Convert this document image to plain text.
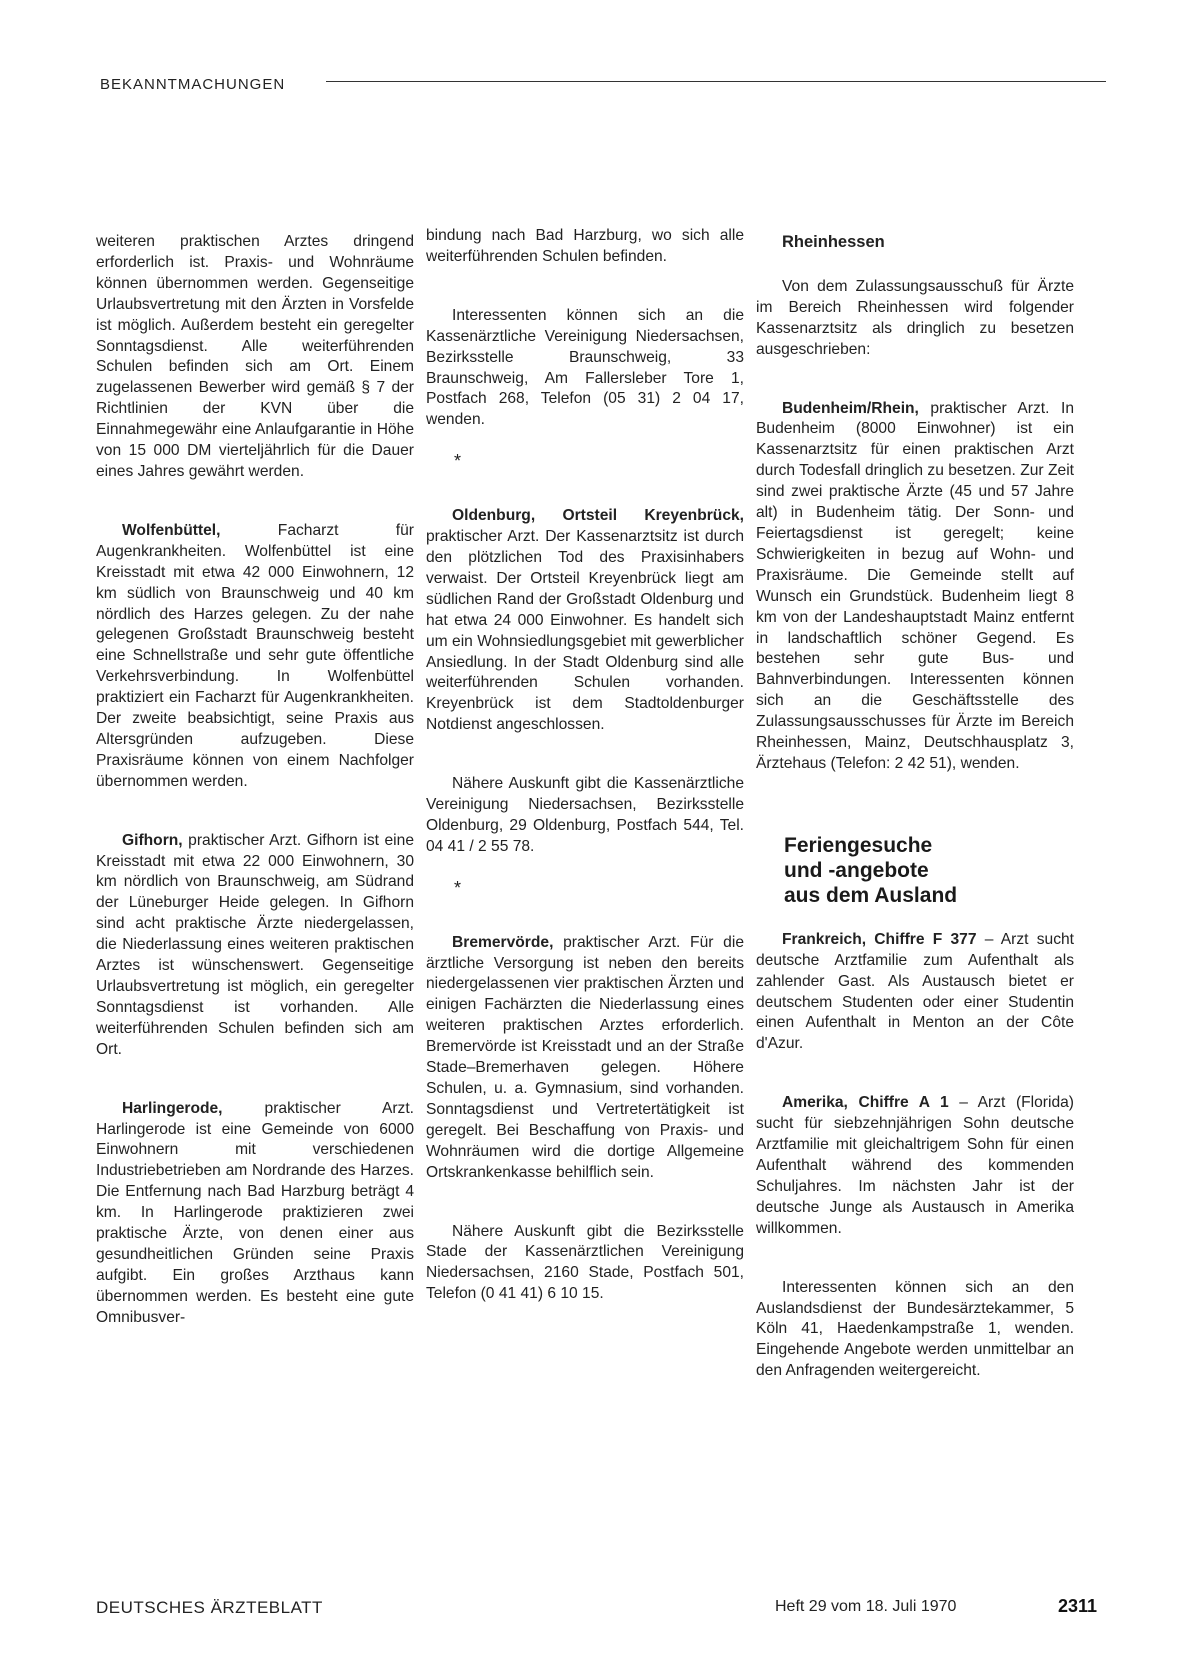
BEKANNTMACHUNGEN

weiteren praktischen Arztes dringend erforderlich ist. Praxis- und Wohnräume können übernommen werden. Gegenseitige Urlaubsvertretung mit den Ärzten in Vorsfelde ist möglich. Außerdem besteht ein geregelter Sonntagsdienst. Alle weiterführenden Schulen befinden sich am Ort. Einem zugelassenen Bewerber wird gemäß § 7 der Richtlinien der KVN über die Einnahmegewähr eine Anlaufgarantie in Höhe von 15 000 DM vierteljährlich für die Dauer eines Jahres gewährt werden.

Wolfenbüttel, Facharzt für Augenkrankheiten. Wolfenbüttel ist eine Kreisstadt mit etwa 42 000 Einwohnern, 12 km südlich von Braunschweig und 40 km nördlich des Harzes gelegen. Zu der nahe gelegenen Großstadt Braunschweig besteht eine Schnellstraße und sehr gute öffentliche Verkehrsverbindung. In Wolfenbüttel praktiziert ein Facharzt für Augenkrankheiten. Der zweite beabsichtigt, seine Praxis aus Altersgründen aufzugeben. Diese Praxisräume können von einem Nachfolger übernommen werden.

Gifhorn, praktischer Arzt. Gifhorn ist eine Kreisstadt mit etwa 22 000 Einwohnern, 30 km nördlich von Braunschweig, am Südrand der Lüneburger Heide gelegen. In Gifhorn sind acht praktische Ärzte niedergelassen, die Niederlassung eines weiteren praktischen Arztes ist wünschenswert. Gegenseitige Urlaubsvertretung ist möglich, ein geregelter Sonntagsdienst ist vorhanden. Alle weiterführenden Schulen befinden sich am Ort.

Harlingerode, praktischer Arzt. Harlingerode ist eine Gemeinde von 6000 Einwohnern mit verschiedenen Industriebetrieben am Nordrande des Harzes. Die Entfernung nach Bad Harzburg beträgt 4 km. In Harlingerode praktizieren zwei praktische Ärzte, von denen einer aus gesundheitlichen Gründen seine Praxis aufgibt. Ein großes Arzthaus kann übernommen werden. Es besteht eine gute Omnibusver-

bindung nach Bad Harzburg, wo sich alle weiterführenden Schulen befinden.

Interessenten können sich an die Kassenärztliche Vereinigung Niedersachsen, Bezirksstelle Braunschweig, 33 Braunschweig, Am Fallersleber Tore 1, Postfach 268, Telefon (05 31) 2 04 17, wenden.

*

Oldenburg, Ortsteil Kreyenbrück, praktischer Arzt. Der Kassenarztsitz ist durch den plötzlichen Tod des Praxisinhabers verwaist. Der Ortsteil Kreyenbrück liegt am südlichen Rand der Großstadt Oldenburg und hat etwa 24 000 Einwohner. Es handelt sich um ein Wohnsiedlungsgebiet mit gewerblicher Ansiedlung. In der Stadt Oldenburg sind alle weiterführenden Schulen vorhanden. Kreyenbrück ist dem Stadtoldenburger Notdienst angeschlossen.

Nähere Auskunft gibt die Kassenärztliche Vereinigung Niedersachsen, Bezirksstelle Oldenburg, 29 Oldenburg, Postfach 544, Tel. 04 41 / 2 55 78.

*

Bremervörde, praktischer Arzt. Für die ärztliche Versorgung ist neben den bereits niedergelassenen vier praktischen Ärzten und einigen Fachärzten die Niederlassung eines weiteren praktischen Arztes erforderlich. Bremervörde ist Kreisstadt und an der Straße Stade–Bremerhaven gelegen. Höhere Schulen, u. a. Gymnasium, sind vorhanden. Sonntagsdienst und Vertretertätigkeit ist geregelt. Bei Beschaffung von Praxis- und Wohnräumen wird die dortige Allgemeine Ortskrankenkasse behilflich sein.

Nähere Auskunft gibt die Bezirksstelle Stade der Kassenärztlichen Vereinigung Niedersachsen, 2160 Stade, Postfach 501, Telefon (0 41 41) 6 10 15.

Rheinhessen

Von dem Zulassungsausschuß für Ärzte im Bereich Rheinhessen wird folgender Kassenarztsitz als dringlich zu besetzen ausgeschrieben:

Budenheim/Rhein, praktischer Arzt. In Budenheim (8000 Einwohner) ist ein Kassenarztsitz für einen praktischen Arzt durch Todesfall dringlich zu besetzen. Zur Zeit sind zwei praktische Ärzte (45 und 57 Jahre alt) in Budenheim tätig. Der Sonn- und Feiertagsdienst ist geregelt; keine Schwierigkeiten in bezug auf Wohn- und Praxisräume. Die Gemeinde stellt auf Wunsch ein Grundstück. Budenheim liegt 8 km von der Landeshauptstadt Mainz entfernt in landschaftlich schöner Gegend. Es bestehen sehr gute Bus- und Bahnverbindungen. Interessenten können sich an die Geschäftsstelle des Zulassungsausschusses für Ärzte im Bereich Rheinhessen, Mainz, Deutschhausplatz 3, Ärztehaus (Telefon: 2 42 51), wenden.

Feriengesuche
und -angebote
aus dem Ausland

Frankreich, Chiffre F 377 – Arzt sucht deutsche Arztfamilie zum Aufenthalt als zahlender Gast. Als Austausch bietet er deutschem Studenten oder einer Studentin einen Aufenthalt in Menton an der Côte d'Azur.

Amerika, Chiffre A 1 – Arzt (Florida) sucht für siebzehnjährigen Sohn deutsche Arztfamilie mit gleichaltrigem Sohn für einen Aufenthalt während des kommenden Schuljahres. Im nächsten Jahr ist der deutsche Junge als Austausch in Amerika willkommen.

Interessenten können sich an den Auslandsdienst der Bundesärztekammer, 5 Köln 41, Haedenkampstraße 1, wenden. Eingehende Angebote werden unmittelbar an den Anfragenden weitergereicht.

DEUTSCHES ÄRZTEBLATT	Heft 29 vom 18. Juli 1970	2311
